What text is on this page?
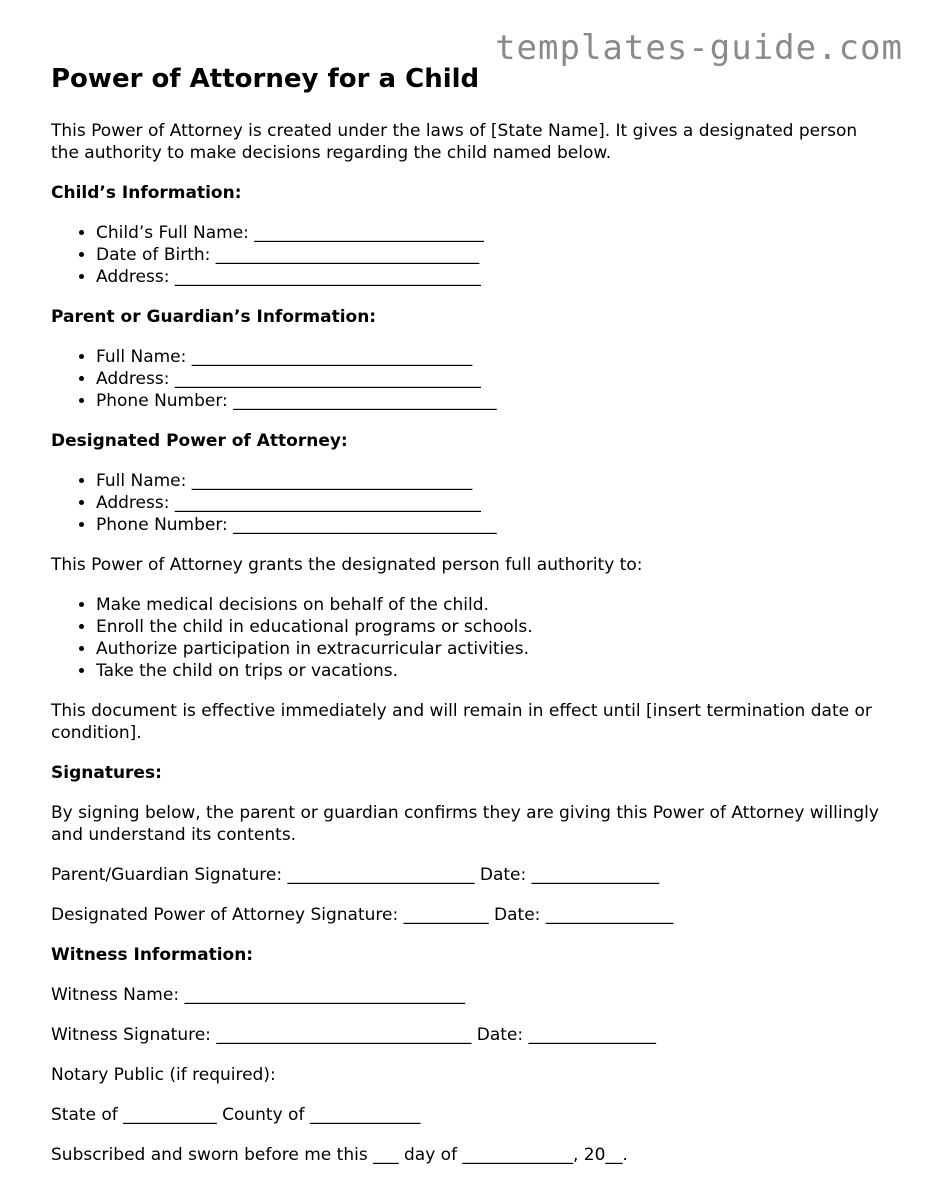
templates-guide.com
Power of Attorney for a Child

This Power of Attorney is created under the laws of [State Name]. It gives a designated person the authority to make decisions regarding the child named below.

Child’s Information:
• Child’s Full Name: ___________________________
• Date of Birth: _______________________________
• Address: ____________________________________
Parent or Guardian’s Information:
• Full Name: _________________________________
• Address: ____________________________________
• Phone Number: _______________________________
Designated Power of Attorney:
• Full Name: _________________________________
• Address: ____________________________________
• Phone Number: _______________________________

This Power of Attorney grants the designated person full authority to:

• Make medical decisions on behalf of the child.
• Enroll the child in educational programs or schools.
• Authorize participation in extracurricular activities.
• Take the child on trips or vacations.

This document is effective immediately and will remain in effect until [insert termination date or condition].

Signatures:

By signing below, the parent or guardian confirms they are giving this Power of Attorney willingly and understand its contents.

Parent/Guardian Signature: ______________________ Date: _______________

Designated Power of Attorney Signature: __________ Date: _______________

Witness Information:

Witness Name: _________________________________

Witness Signature: ______________________________ Date: _______________

Notary Public (if required):

State of ___________ County of _____________

Subscribed and sworn before me this ___ day of _____________, 20__.
